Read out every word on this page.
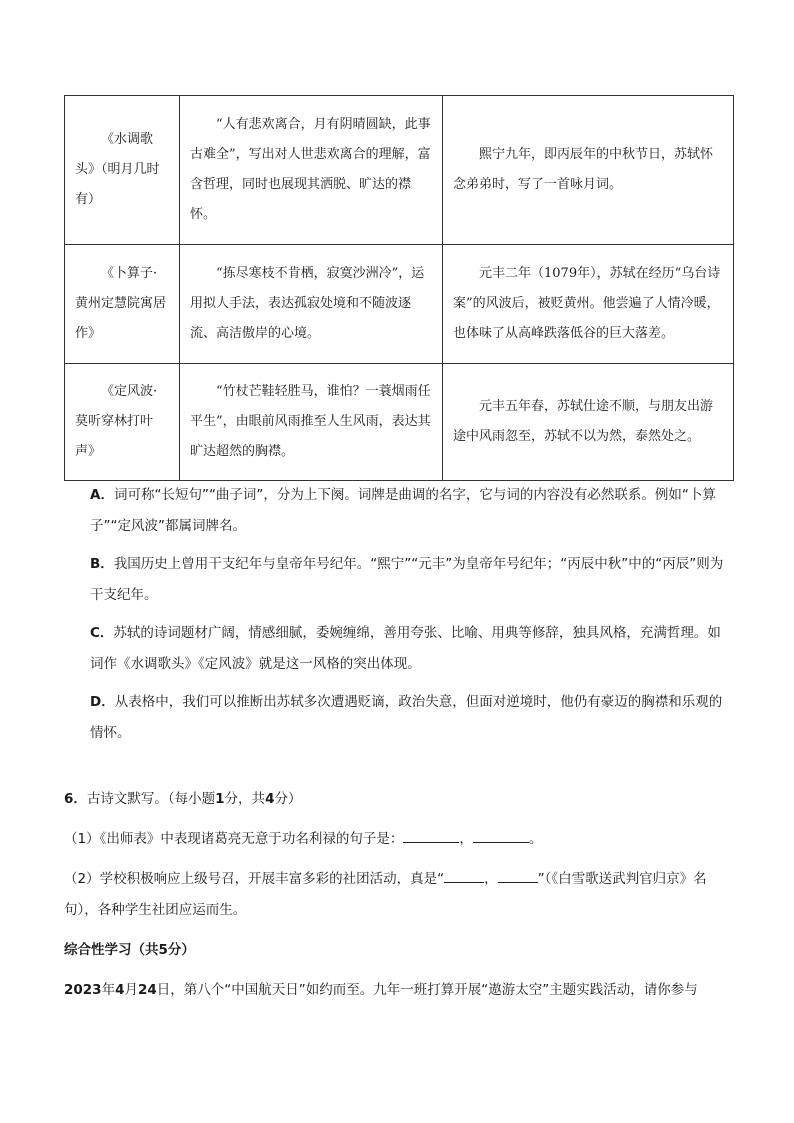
《水调歌头》（明月几时有）	“人有悲欢离合，月有阴晴圆缺，此事古难全”，写出对人世悲欢离合的理解，富含哲理，同时也展现其洒脱、旷达的襟怀。	熙宁九年，即丙辰年的中秋节日，苏轼怀念弟弟时，写了一首咏月词。
《卜算子·黄州定慧院寓居作》	“拣尽寒枝不肯栖，寂寞沙洲冷”，运用拟人手法，表达孤寂处境和不随波逐流、高洁傲岸的心境。	元丰二年（1079年），苏轼在经历“乌台诗案”的风波后，被贬黄州。他尝遍了人情冷暖，也体味了从高峰跌落低谷的巨大落差。
《定风波·莫听穿林打叶声》	“竹杖芒鞋轻胜马，谁怕？一蓑烟雨任平生”，由眼前风雨推至人生风雨，表达其旷达超然的胸襟。	元丰五年春，苏轼仕途不顺，与朋友出游途中风雨忽至，苏轼不以为然，泰然处之。

A．词可称“长短句”“曲子词”，分为上下阕。词牌是曲调的名字，它与词的内容没有必然联系。例如“卜算子”“定风波”都属词牌名。

B．我国历史上曾用干支纪年与皇帝年号纪年。“熙宁”“元丰”为皇帝年号纪年；“丙辰中秋”中的“丙辰”则为干支纪年。

C．苏轼的诗词题材广阔，情感细腻，委婉缠绵，善用夸张、比喻、用典等修辞，独具风格，充满哲理。如词作《水调歌头》《定风波》就是这一风格的突出体现。

D．从表格中，我们可以推断出苏轼多次遭遇贬谪，政治失意，但面对逆境时，他仍有豪迈的胸襟和乐观的情怀。

6．古诗文默写。（每小题1分，共4分）

（1）《出师表》中表现诸葛亮无意于功名利禄的句子是：	，	。

（2）学校积极响应上级号召，开展丰富多彩的社团活动，真是“	，	”（《白雪歌送武判官归京》名句），各种学生社团应运而生。

综合性学习（共5分）

2023年4月24日，第八个“中国航天日”如约而至。九年一班打算开展“遨游太空”主题实践活动，请你参与
